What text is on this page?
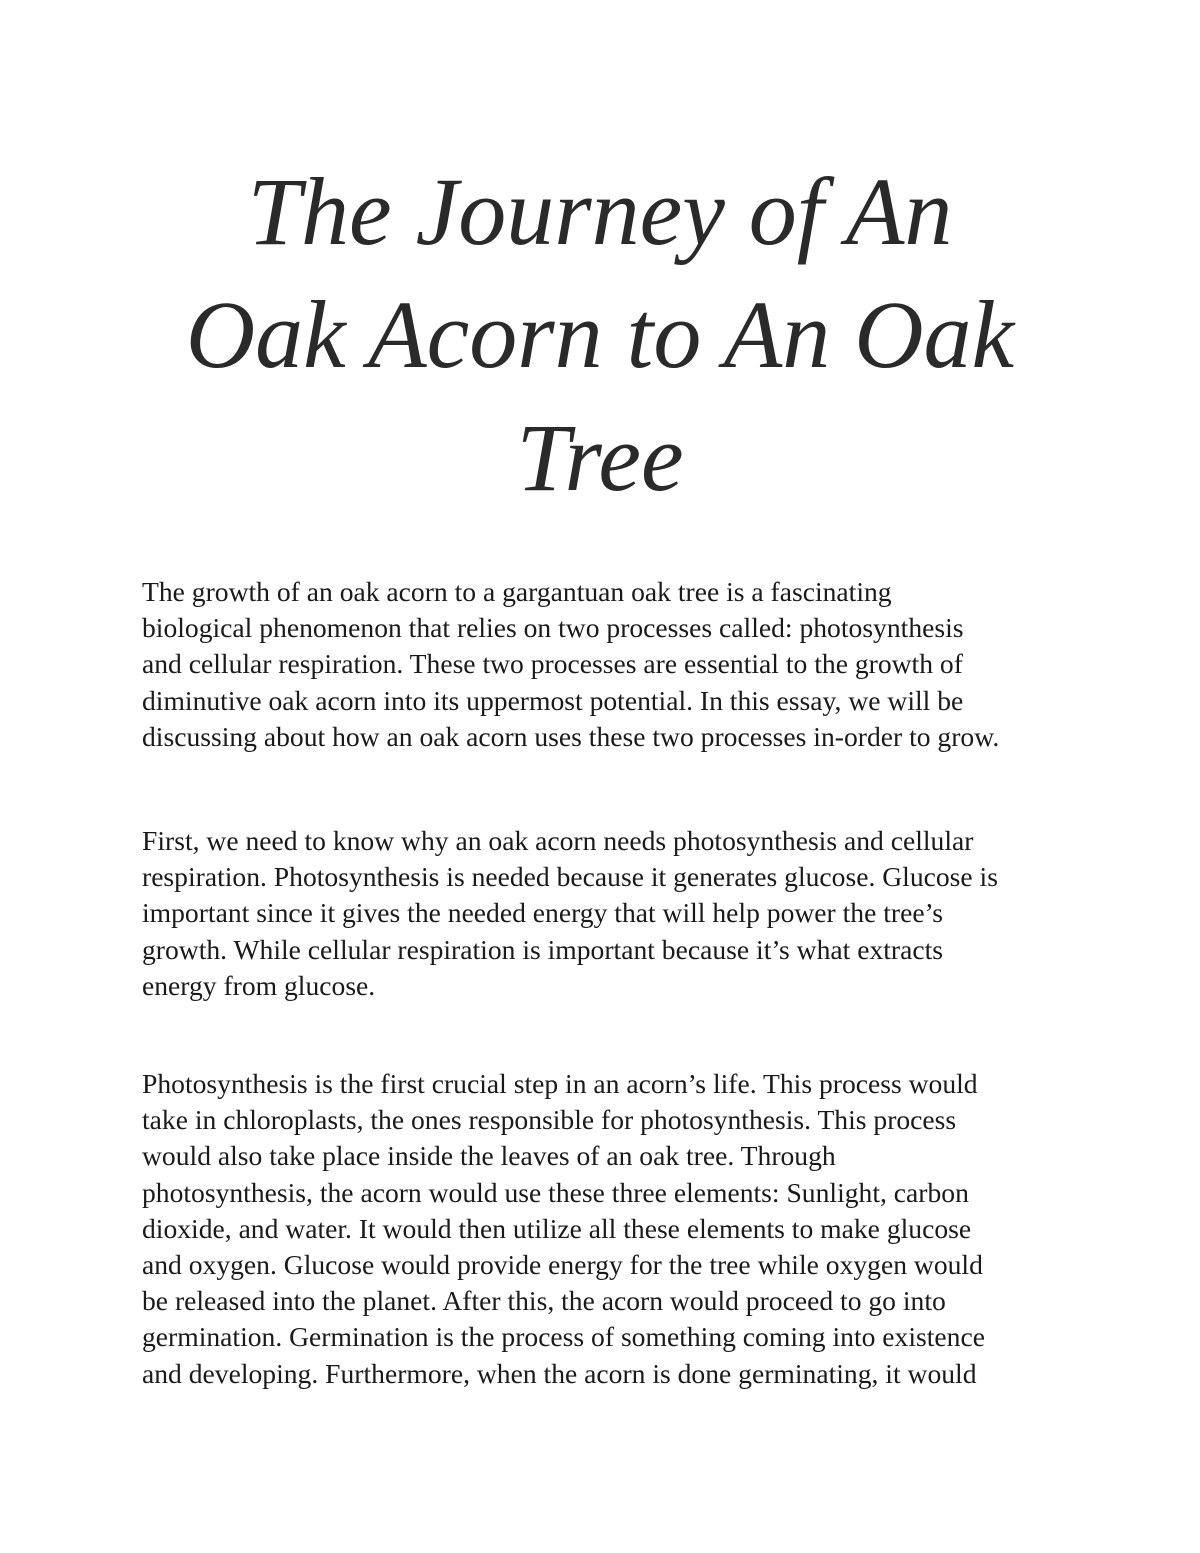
The Journey of An
Oak Acorn to An Oak
Tree

The growth of an oak acorn to a gargantuan oak tree is a fascinating
biological phenomenon that relies on two processes called: photosynthesis
and cellular respiration. These two processes are essential to the growth of
diminutive oak acorn into its uppermost potential. In this essay, we will be
discussing about how an oak acorn uses these two processes in-order to grow.

First, we need to know why an oak acorn needs photosynthesis and cellular
respiration. Photosynthesis is needed because it generates glucose. Glucose is
important since it gives the needed energy that will help power the tree’s
growth. While cellular respiration is important because it’s what extracts
energy from glucose.

Photosynthesis is the first crucial step in an acorn’s life. This process would
take in chloroplasts, the ones responsible for photosynthesis. This process
would also take place inside the leaves of an oak tree. Through
photosynthesis, the acorn would use these three elements: Sunlight, carbon
dioxide, and water. It would then utilize all these elements to make glucose
and oxygen. Glucose would provide energy for the tree while oxygen would
be released into the planet. After this, the acorn would proceed to go into
germination. Germination is the process of something coming into existence
and developing. Furthermore, when the acorn is done germinating, it would
